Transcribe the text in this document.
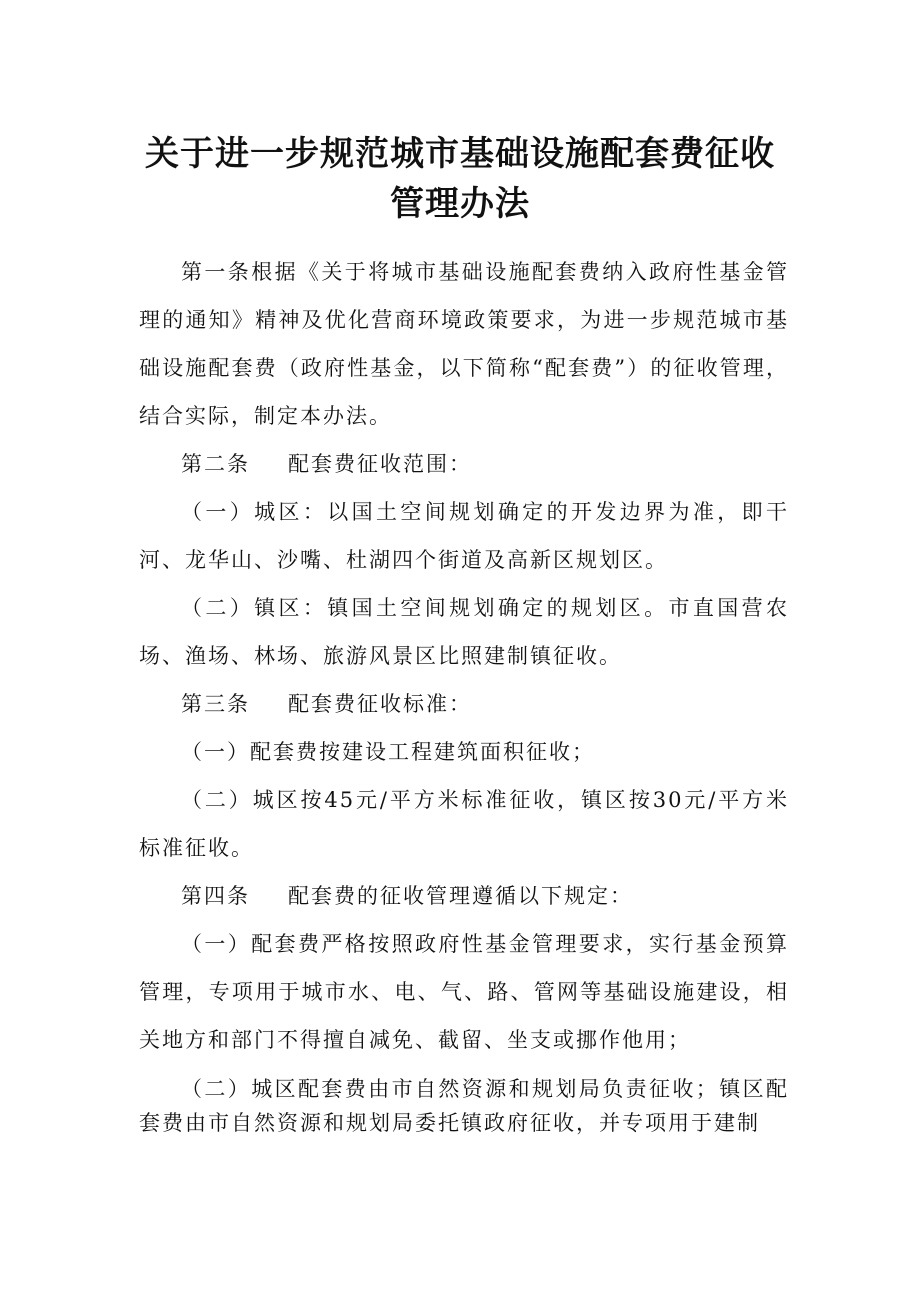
关于进一步规范城市基础设施配套费征收
管理办法

第一条根据《关于将城市基础设施配套费纳入政府性基金管理的通知》精神及优化营商环境政策要求，为进一步规范城市基础设施配套费（政府性基金，以下简称“配套费”）的征收管理，结合实际，制定本办法。

第二条 配套费征收范围：

（一）城区：以国土空间规划确定的开发边界为准，即干河、龙华山、沙嘴、杜湖四个街道及高新区规划区。

（二）镇区：镇国土空间规划确定的规划区。市直国营农场、渔场、林场、旅游风景区比照建制镇征收。

第三条 配套费征收标准：

（一）配套费按建设工程建筑面积征收；

（二）城区按45元/平方米标准征收，镇区按30元/平方米标准征收。

第四条 配套费的征收管理遵循以下规定：

（一）配套费严格按照政府性基金管理要求，实行基金预算管理，专项用于城市水、电、气、路、管网等基础设施建设，相关地方和部门不得擅自减免、截留、坐支或挪作他用；

（二）城区配套费由市自然资源和规划局负责征收；镇区配套费由市自然资源和规划局委托镇政府征收，并专项用于建制
